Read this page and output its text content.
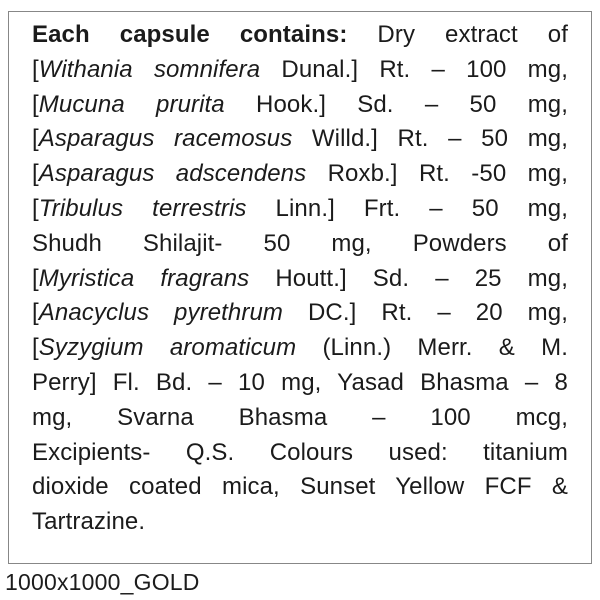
Each capsule contains: Dry extract of
[Withania somnifera Dunal.] Rt. – 100 mg,
[Mucuna prurita Hook.] Sd. – 50 mg,
[Asparagus racemosus Willd.] Rt. – 50 mg,
[Asparagus adscendens Roxb.] Rt. -50 mg,
[Tribulus terrestris Linn.] Frt. – 50 mg,
Shudh Shilajit- 50 mg, Powders of
[Myristica fragrans Houtt.] Sd. – 25 mg,
[Anacyclus pyrethrum DC.] Rt. – 20 mg,
[Syzygium aromaticum (Linn.) Merr. & M.
Perry] Fl. Bd. – 10 mg, Yasad Bhasma – 8
mg, Svarna Bhasma – 100 mcg,
Excipients- Q.S. Colours used: titanium
dioxide coated mica, Sunset Yellow FCF &
Tartrazine.
1000x1000_GOLD
